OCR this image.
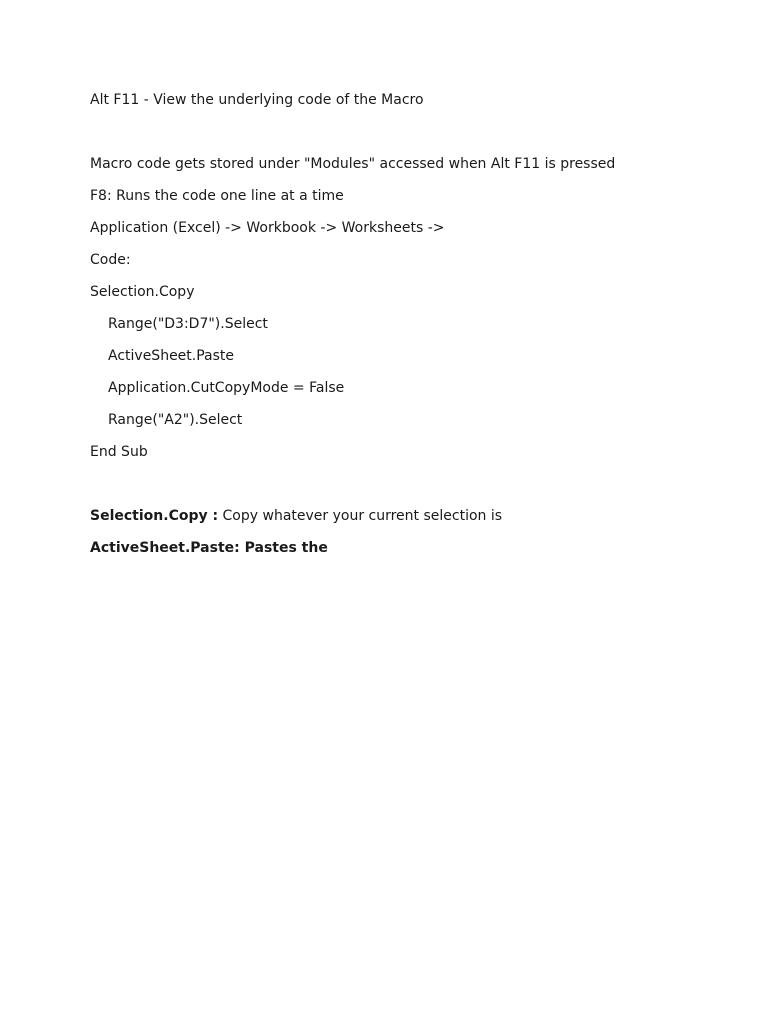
Alt F11 - View the underlying code of the Macro
Macro code gets stored under "Modules" accessed when Alt F11 is pressed
F8: Runs the code one line at a time
Application (Excel) -> Workbook -> Worksheets ->
Code:
Selection.Copy
Range("D3:D7").Select
ActiveSheet.Paste
Application.CutCopyMode = False
Range("A2").Select
End Sub
Selection.Copy : Copy whatever your current selection is
ActiveSheet.Paste: Pastes the
